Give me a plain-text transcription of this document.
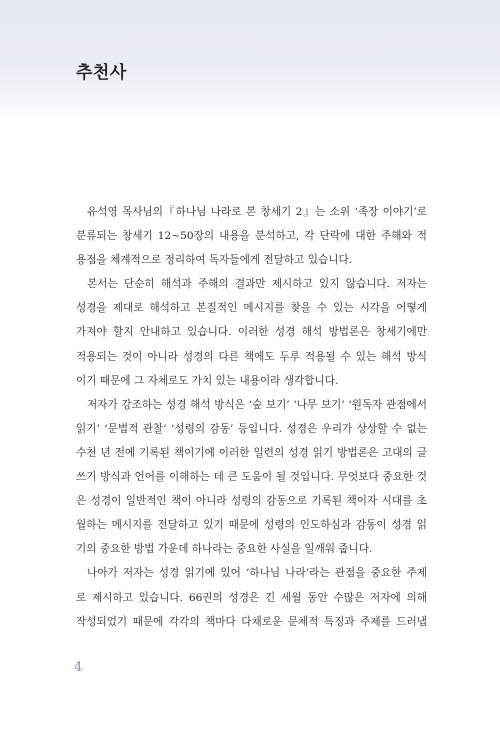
추천사
유석영 목사님의『하나님 나라로 본 창세기 2』는 소위 ‘족장 이야기’로
분류되는 창세기 12~50장의 내용을 분석하고, 각 단락에 대한 주해와 적
용점을 체계적으로 정리하여 독자들에게 전달하고 있습니다.
본서는 단순히 해석과 주해의 결과만 제시하고 있지 않습니다. 저자는
성경을 제대로 해석하고 본질적인 메시지를 찾을 수 있는 시각을 어떻게
가져야 할지 안내하고 있습니다. 이러한 성경 해석 방법론은 창세기에만
적용되는 것이 아니라 성경의 다른 책에도 두루 적용될 수 있는 해석 방식
이기 때문에 그 자체로도 가치 있는 내용이라 생각합니다.
저자가 강조하는 성경 해석 방식은 ‘숲 보기’ ‘나무 보기’ ‘원독자 관점에서
읽기’ ‘문법적 관찰’ ‘성령의 감동’ 등입니다. 성경은 우리가 상상할 수 없는
수천 년 전에 기록된 책이기에 이러한 일련의 성경 읽기 방법론은 고대의 글
쓰기 방식과 언어를 이해하는 데 큰 도움이 될 것입니다. 무엇보다 중요한 것
은 성경이 일반적인 책이 아니라 성령의 감동으로 기록된 책이자 시대를 초
월하는 메시지를 전달하고 있기 때문에 성령의 인도하심과 감동이 성경 읽
기의 중요한 방법 가운데 하나라는 중요한 사실을 일깨워 줍니다.
나아가 저자는 성경 읽기에 있어 ‘하나님 나라’라는 관점을 중요한 주제
로 제시하고 있습니다. 66권의 성경은 긴 세월 동안 수많은 저자에 의해
작성되었기 때문에 각각의 책마다 다채로운 문체적 특징과 주제를 드러냅
4
